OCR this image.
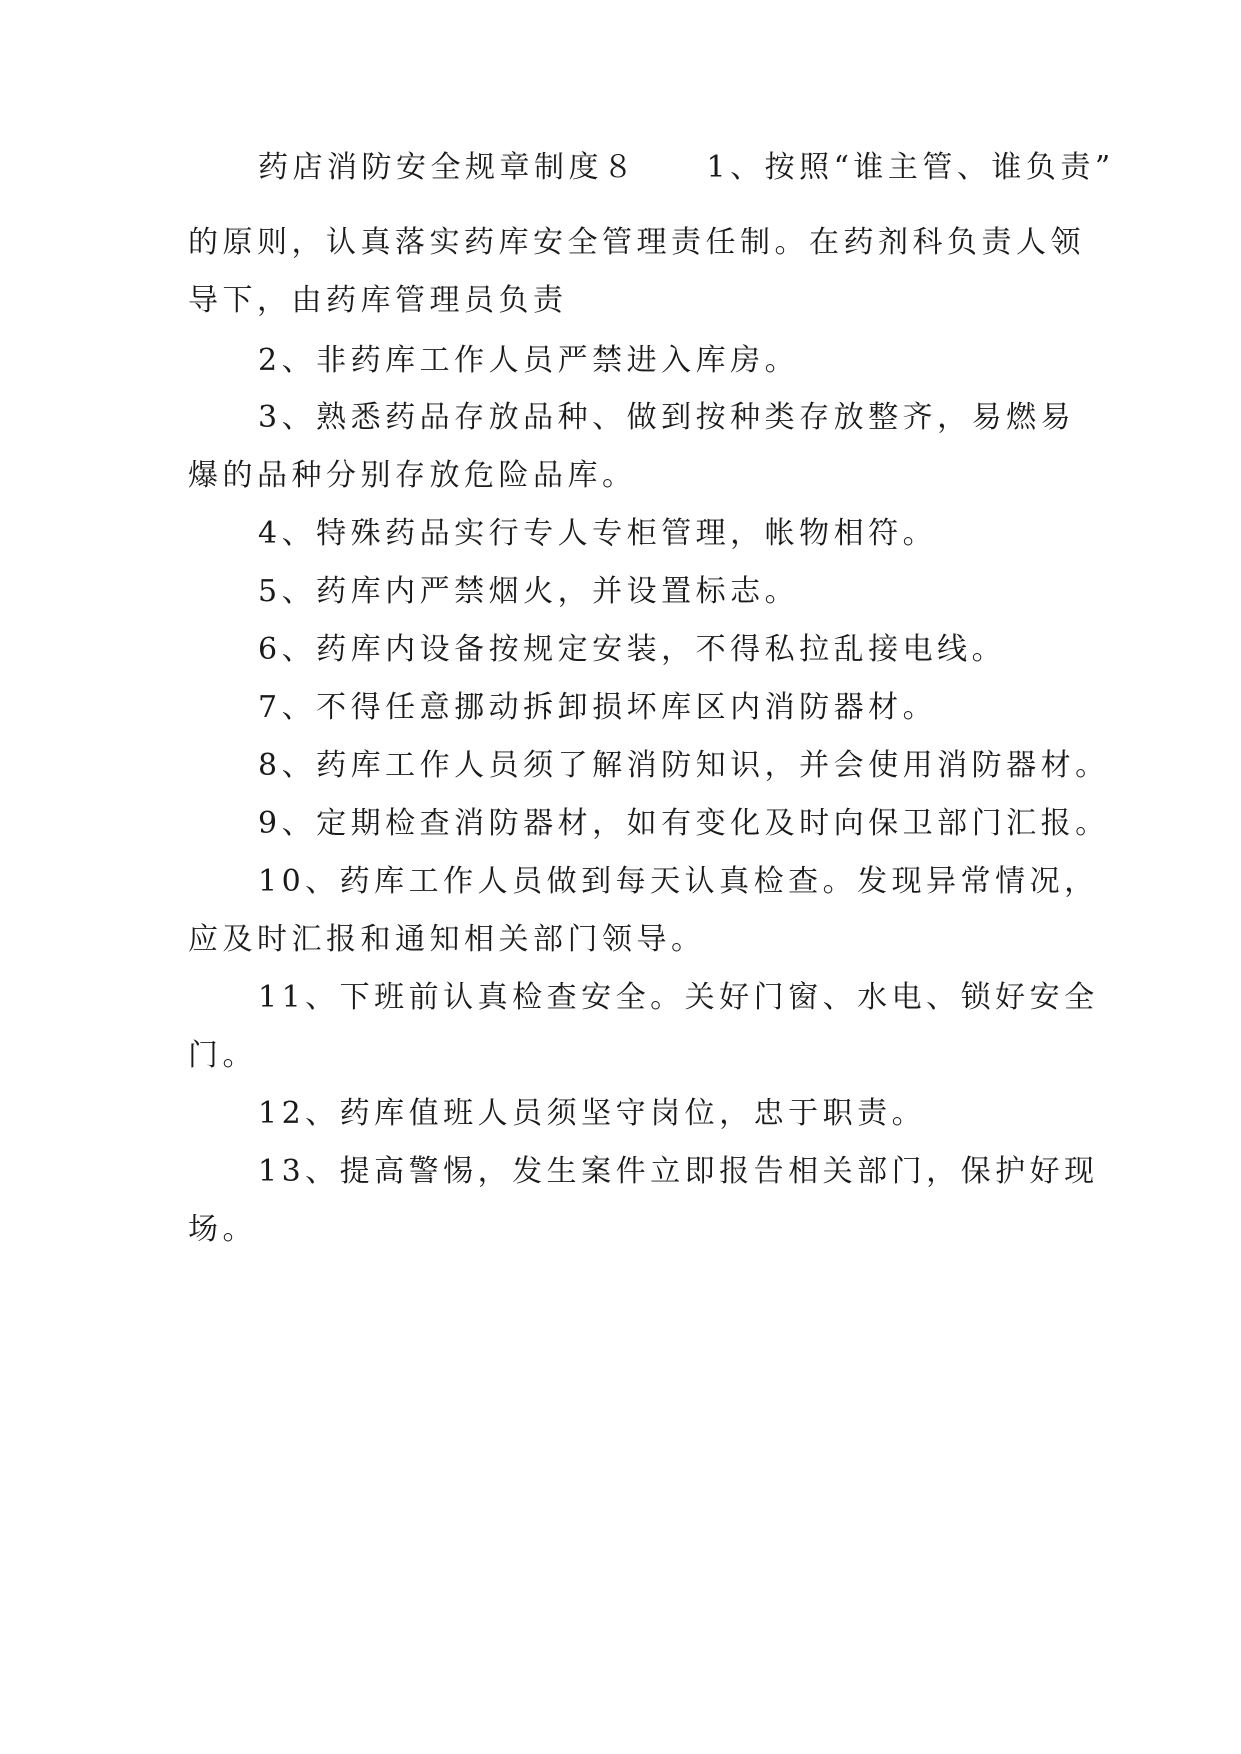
药店消防安全规章制度８　　1、按照“谁主管、谁负责”
的原则，认真落实药库安全管理责任制。在药剂科负责人领
导下，由药库管理员负责
2、非药库工作人员严禁进入库房。
3、熟悉药品存放品种、做到按种类存放整齐，易燃易
爆的品种分别存放危险品库。
4、特殊药品实行专人专柜管理，帐物相符。
5、药库内严禁烟火，并设置标志。
6、药库内设备按规定安装，不得私拉乱接电线。
7、不得任意挪动拆卸损坏库区内消防器材。
8、药库工作人员须了解消防知识，并会使用消防器材。
9、定期检查消防器材，如有变化及时向保卫部门汇报。
10、药库工作人员做到每天认真检查。发现异常情况，
应及时汇报和通知相关部门领导。
11、下班前认真检查安全。关好门窗、水电、锁好安全
门。
12、药库值班人员须坚守岗位，忠于职责。
13、提高警惕，发生案件立即报告相关部门，保护好现
场。
